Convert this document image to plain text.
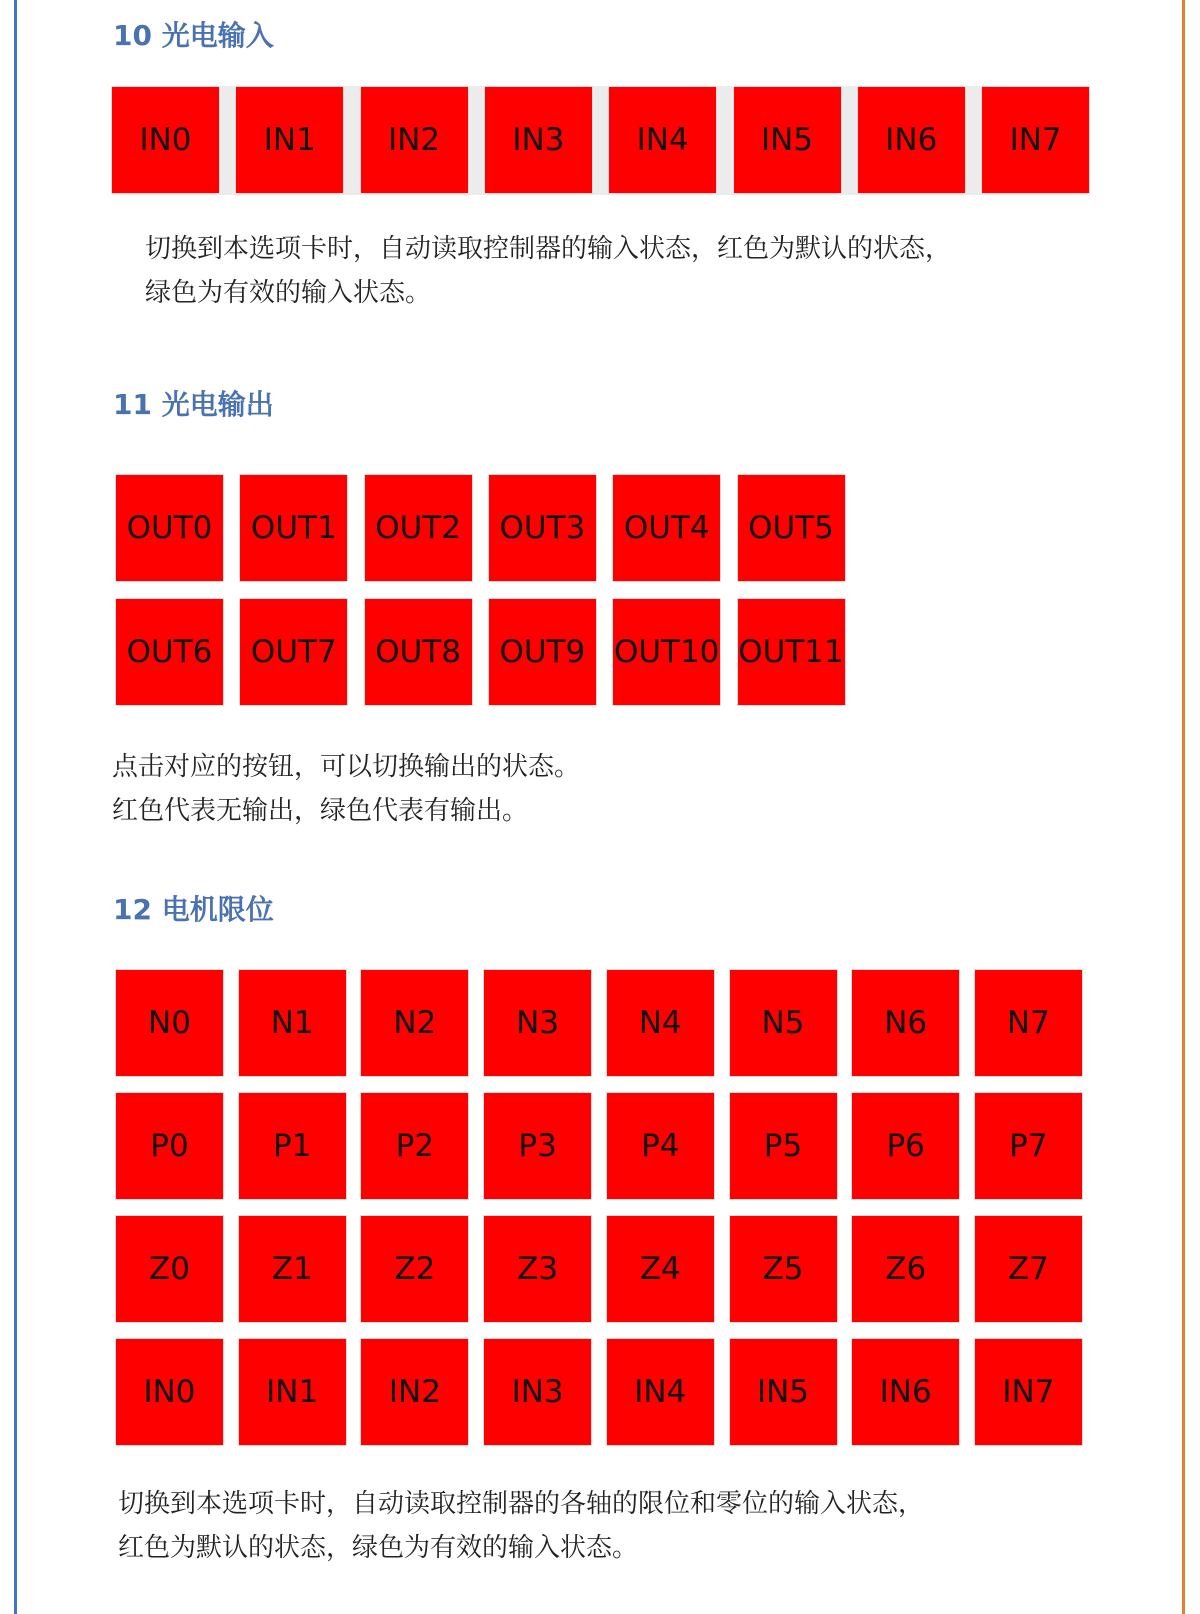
10 光电输入
IN0	IN1	IN2	IN3	IN4	IN5	IN6	IN7

切换到本选项卡时，自动读取控制器的输入状态，红色为默认的状态，
绿色为有效的输入状态。

11 光电输出
OUT0	OUT1	OUT2	OUT3	OUT4	OUT5
OUT6	OUT7	OUT8	OUT9 OUT10 OUT11

点击对应的按钮，可以切换输出的状态。
红色代表无输出，绿色代表有输出。

12 电机限位
N0	N1	N2	N3	N4	N5	N6	N7
P0	P1	P2	P3	P4	P5	P6	P7
Z0	Z1	Z2	Z3	Z4	Z5	Z6	Z7
IN0	IN1	IN2	IN3	IN4	IN5	IN6	IN7

切换到本选项卡时，自动读取控制器的各轴的限位和零位的输入状态，
红色为默认的状态，绿色为有效的输入状态。
